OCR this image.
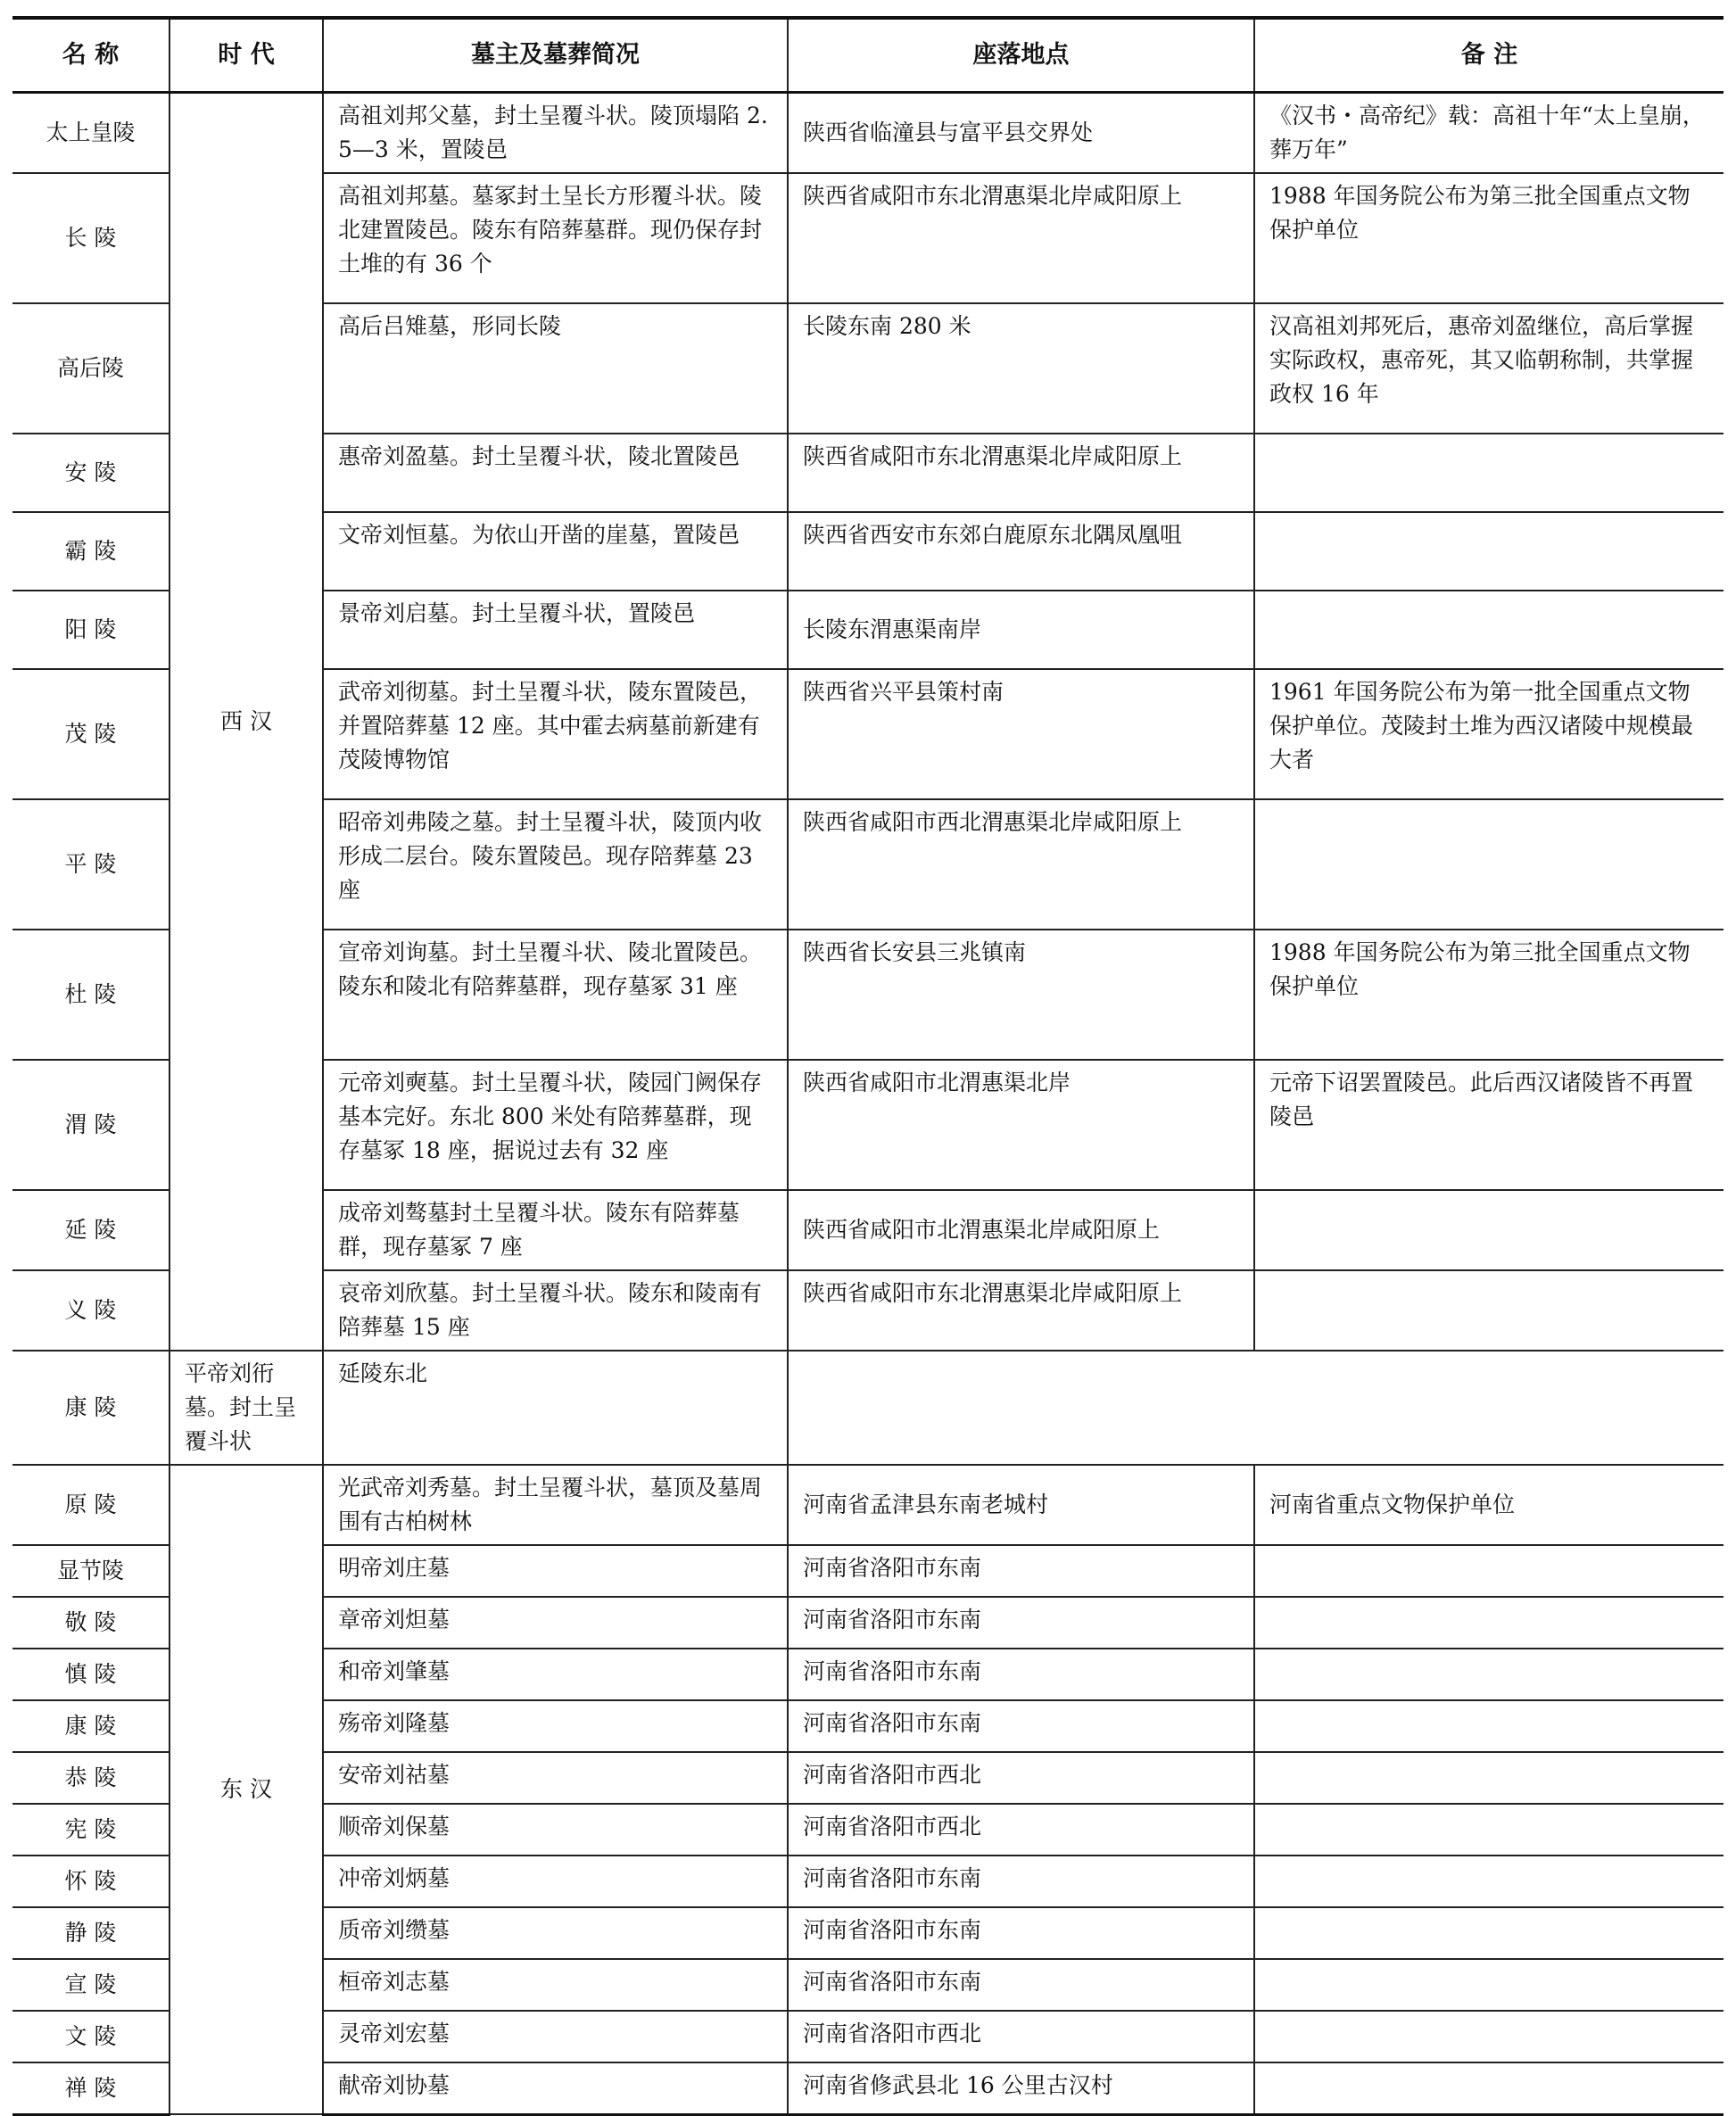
名 称	时 代	墓主及墓葬简况	座落地点	备 注
太上皇陵	西 汉	高祖刘邦父墓，封土呈覆斗状。陵顶塌陷 2.5—3 米，置陵邑	陕西省临潼县与富平县交界处	《汉书・高帝纪》载：高祖十年“太上皇崩，葬万年”
长 陵		高祖刘邦墓。墓冢封土呈长方形覆斗状。陵北建置陵邑。陵东有陪葬墓群。现仍保存封土堆的有 36 个	陕西省咸阳市东北渭惠渠北岸咸阳原上	1988 年国务院公布为第三批全国重点文物保护单位
高后陵		高后吕雉墓，形同长陵	长陵东南 280 米	汉高祖刘邦死后，惠帝刘盈继位，高后掌握实际政权，惠帝死，其又临朝称制，共掌握政权 16 年
安 陵		惠帝刘盈墓。封土呈覆斗状，陵北置陵邑	陕西省咸阳市东北渭惠渠北岸咸阳原上	
霸 陵		文帝刘恒墓。为依山开凿的崖墓，置陵邑	陕西省西安市东郊白鹿原东北隅凤凰咀	
阳 陵		景帝刘启墓。封土呈覆斗状，置陵邑	长陵东渭惠渠南岸	
茂 陵		武帝刘彻墓。封土呈覆斗状，陵东置陵邑，并置陪葬墓 12 座。其中霍去病墓前新建有茂陵博物馆	陕西省兴平县策村南	1961 年国务院公布为第一批全国重点文物保护单位。茂陵封土堆为西汉诸陵中规模最大者
平 陵		昭帝刘弗陵之墓。封土呈覆斗状，陵顶内收形成二层台。陵东置陵邑。现存陪葬墓 23 座	陕西省咸阳市西北渭惠渠北岸咸阳原上	
杜 陵		宣帝刘询墓。封土呈覆斗状、陵北置陵邑。陵东和陵北有陪葬墓群，现存墓冢 31 座	陕西省长安县三兆镇南	1988 年国务院公布为第三批全国重点文物保护单位
渭 陵		元帝刘奭墓。封土呈覆斗状，陵园门阙保存基本完好。东北 800 米处有陪葬墓群，现存墓冢 18 座，据说过去有 32 座	陕西省咸阳市北渭惠渠北岸	元帝下诏罢置陵邑。此后西汉诸陵皆不再置陵邑
延 陵		成帝刘骜墓封土呈覆斗状。陵东有陪葬墓群，现存墓冢 7 座	陕西省咸阳市北渭惠渠北岸咸阳原上	
义 陵		哀帝刘欣墓。封土呈覆斗状。陵东和陵南有陪葬墓 15 座	陕西省咸阳市东北渭惠渠北岸咸阳原上	
康 陵	平帝刘衎墓。封土呈覆斗状	延陵东北		
原 陵	东 汉	光武帝刘秀墓。封土呈覆斗状，墓顶及墓周围有古柏树林	河南省孟津县东南老城村	河南省重点文物保护单位
显节陵		明帝刘庄墓	河南省洛阳市东南	
敬 陵		章帝刘炟墓	河南省洛阳市东南	
慎 陵		和帝刘肇墓	河南省洛阳市东南	
康 陵		殇帝刘隆墓	河南省洛阳市东南	
恭 陵		安帝刘祜墓	河南省洛阳市西北	
宪 陵		顺帝刘保墓	河南省洛阳市西北	
怀 陵		冲帝刘炳墓	河南省洛阳市东南	
静 陵		质帝刘缵墓	河南省洛阳市东南	
宣 陵		桓帝刘志墓	河南省洛阳市东南	
文 陵		灵帝刘宏墓	河南省洛阳市西北	
禅 陵		献帝刘协墓	河南省修武县北 16 公里古汉村	
